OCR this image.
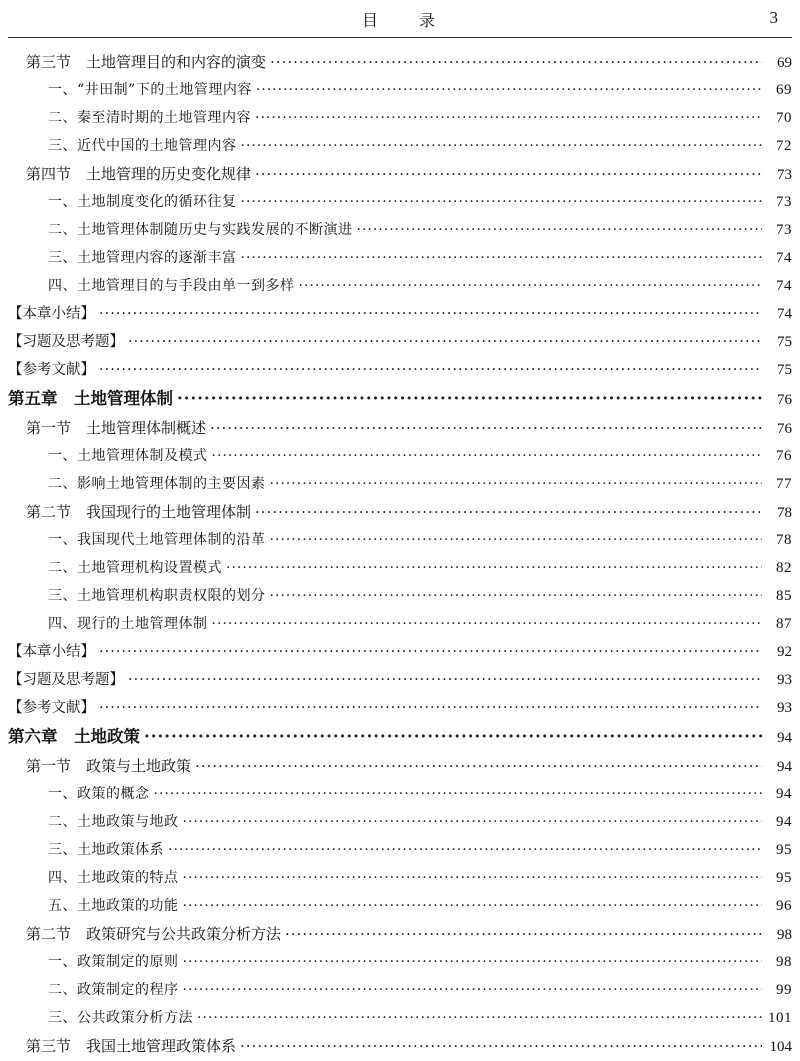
目　　录	3
第三节　土地管理目的和内容的演变 ·····	69
一、“井田制”下的土地管理内容 ·····	69
二、秦至清时期的土地管理内容 ·····	70
三、近代中国的土地管理内容 ·····	72
第四节　土地管理的历史变化规律 ·····	73
一、土地制度变化的循环往复 ·····	73
二、土地管理体制随历史与实践发展的不断演进 ·····	73
三、土地管理内容的逐渐丰富 ·····	74
四、土地管理目的与手段由单一到多样 ·····	74
【本章小结】 ·····	74
【习题及思考题】 ·····	75
【参考文献】 ·····	75
第五章　土地管理体制 ·····	76
第一节　土地管理体制概述 ·····	76
一、土地管理体制及模式 ·····	76
二、影响土地管理体制的主要因素 ·····	77
第二节　我国现行的土地管理体制 ·····	78
一、我国现代土地管理体制的沿革 ·····	78
二、土地管理机构设置模式 ·····	82
三、土地管理机构职责权限的划分 ·····	85
四、现行的土地管理体制 ·····	87
【本章小结】 ·····	92
【习题及思考题】 ·····	93
【参考文献】 ·····	93
第六章　土地政策 ·····	94
第一节　政策与土地政策 ·····	94
一、政策的概念 ·····	94
二、土地政策与地政 ·····	94
三、土地政策体系 ·····	95
四、土地政策的特点 ·····	95
五、土地政策的功能 ·····	96
第二节　政策研究与公共政策分析方法 ·····	98
一、政策制定的原则 ·····	98
二、政策制定的程序 ·····	99
三、公共政策分析方法 ·····	101
第三节　我国土地管理政策体系 ·····	104
